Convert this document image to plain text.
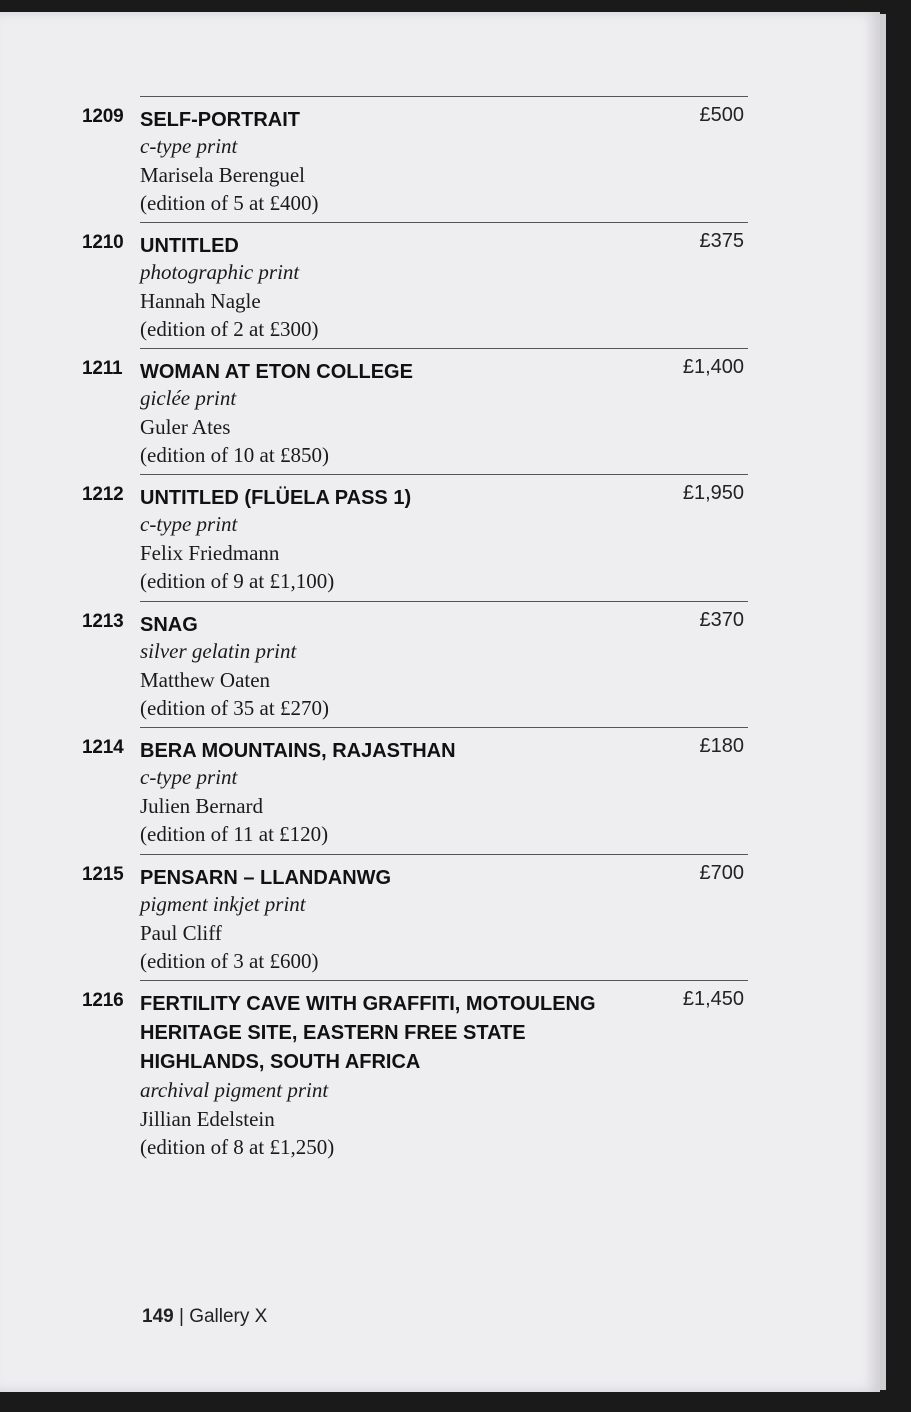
1209 SELF-PORTRAIT	£500
c-type print
Marisela Berenguel
(edition of 5 at £400)
1210 UNTITLED	£375
photographic print
Hannah Nagle
(edition of 2 at £300)
1211 WOMAN AT ETON COLLEGE	£1,400
giclée print
Guler Ates
(edition of 10 at £850)
1212 UNTITLED (FLÜELA PASS 1)	£1,950
c-type print
Felix Friedmann
(edition of 9 at £1,100)
1213 SNAG	£370
silver gelatin print
Matthew Oaten
(edition of 35 at £270)
1214 BERA MOUNTAINS, RAJASTHAN	£180
c-type print
Julien Bernard
(edition of 11 at £120)
1215 PENSARN – LLANDANWG	£700
pigment inkjet print
Paul Cliff
(edition of 3 at £600)
1216 FERTILITY CAVE WITH GRAFFITI, MOTOULENG HERITAGE SITE, EASTERN FREE STATE HIGHLANDS, SOUTH AFRICA
£1,450
archival pigment print
Jillian Edelstein
(edition of 8 at £1,250)
149 | Gallery X
